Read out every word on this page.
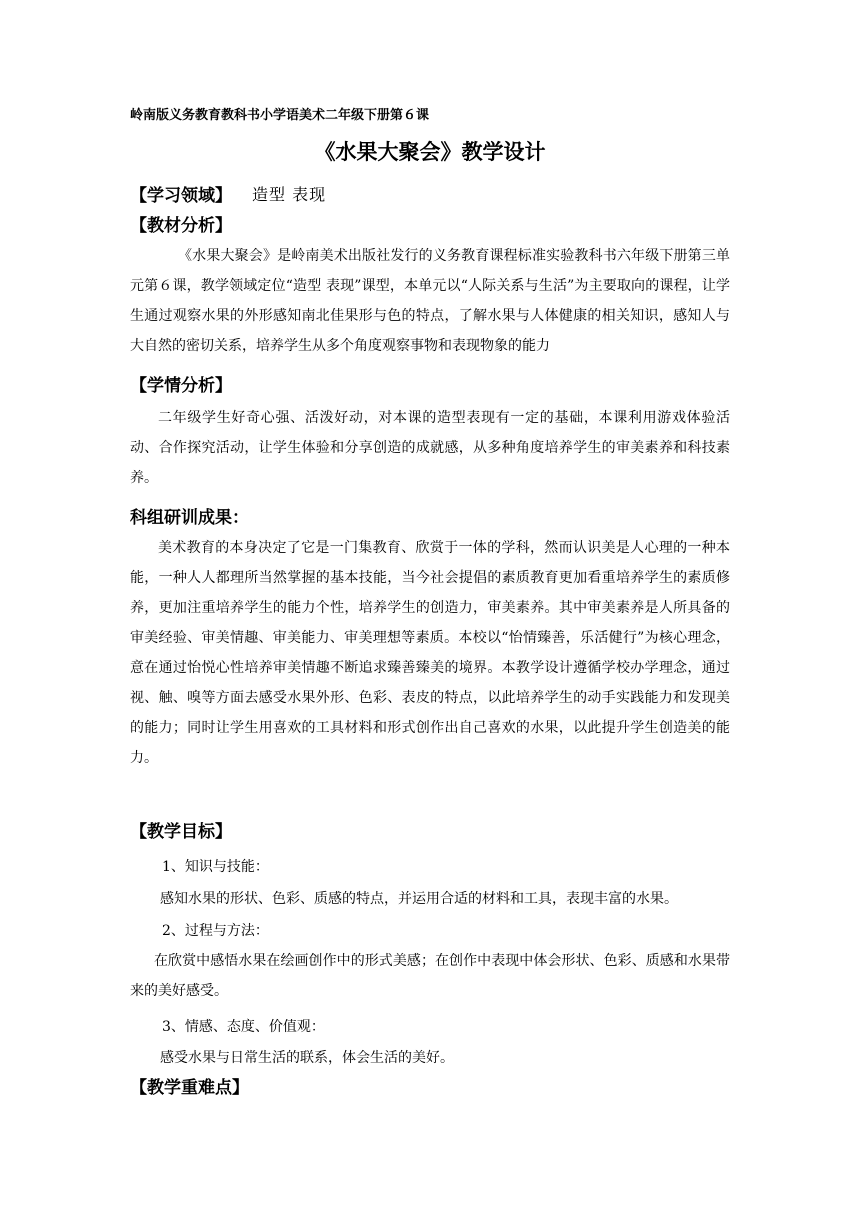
岭南版义务教育教科书小学语美术二年级下册第６课
《水果大聚会》教学设计
【学习领域】 造型 表现
【教材分析】
《水果大聚会》是岭南美术出版社发行的义务教育课程标准实验教科书六年级下册第三单元第６课，教学领域定位“造型 表现”课型，本单元以“人际关系与生活”为主要取向的课程，让学生通过观察水果的外形感知南北佳果形与色的特点，了解水果与人体健康的相关知识，感知人与大自然的密切关系，培养学生从多个角度观察事物和表现物象的能力
【学情分析】
二年级学生好奇心强、活泼好动，对本课的造型表现有一定的基础，本课利用游戏体验活动、合作探究活动，让学生体验和分享创造的成就感，从多种角度培养学生的审美素养和科技素养。
科组研训成果：
美术教育的本身决定了它是一门集教育、欣赏于一体的学科，然而认识美是人心理的一种本能，一种人人都理所当然掌握的基本技能，当今社会提倡的素质教育更加看重培养学生的素质修养，更加注重培养学生的能力个性，培养学生的创造力，审美素养。其中审美素养是人所具备的审美经验、审美情趣、审美能力、审美理想等素质。本校以“怡情臻善，乐活健行”为核心理念，意在通过怡悦心性培养审美情趣不断追求臻善臻美的境界。本教学设计遵循学校办学理念，通过视、触、嗅等方面去感受水果外形、色彩、表皮的特点，以此培养学生的动手实践能力和发现美的能力；同时让学生用喜欢的工具材料和形式创作出自己喜欢的水果，以此提升学生创造美的能力。
【教学目标】
1、知识与技能：
感知水果的形状、色彩、质感的特点，并运用合适的材料和工具，表现丰富的水果。
2、过程与方法：
在欣赏中感悟水果在绘画创作中的形式美感；在创作中表现中体会形状、色彩、质感和水果带来的美好感受。
3、情感、态度、价值观：
感受水果与日常生活的联系，体会生活的美好。
【教学重难点】
